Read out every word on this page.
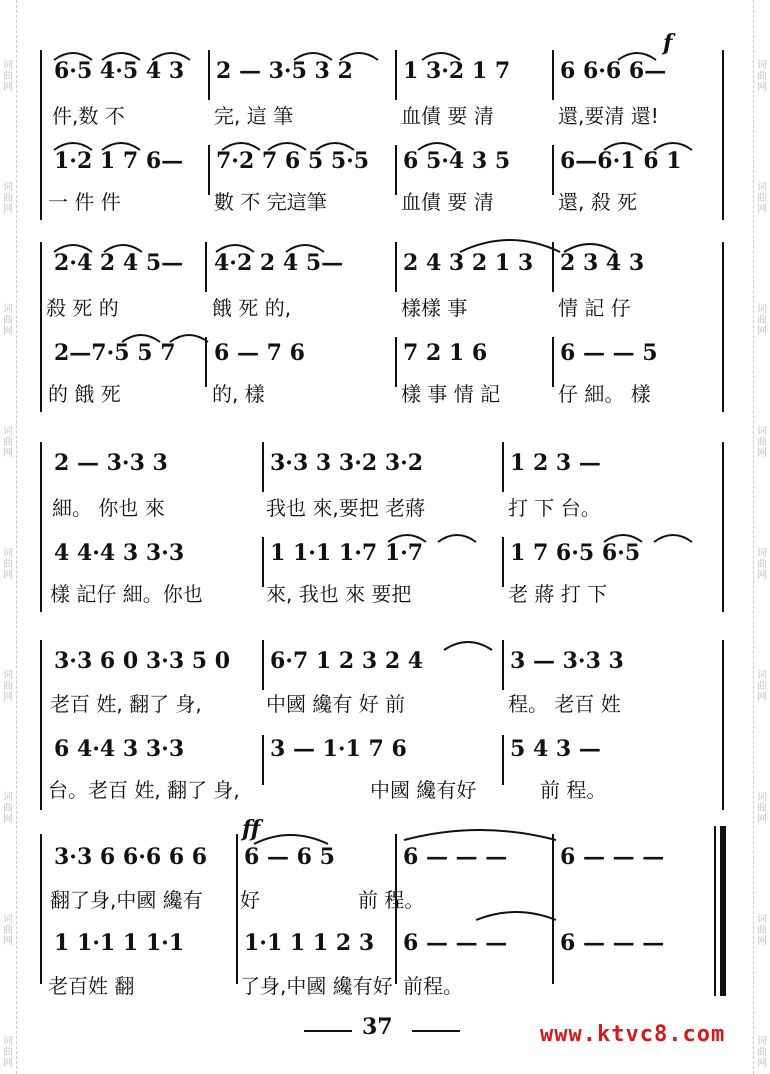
词
曲
网
词
曲
网
词
曲
网
词
曲
网
词
曲
网
词
曲
网
词
曲
网
词
曲
网
词
曲
网
词
曲
网
词
曲
网
词
曲
网
词
曲
网
词
曲
网
词
曲
网
词
曲
网
词
曲
网
词
曲
网
f
6·5 4·5 4 3 2 — 3·5 3 2 1 3·2 1 7 6 6·6 6—
件,数 不	完, 這 筆	血債 要 清	還,要清 還!
1·2 1 7 6— 7·2 7 6 5 5·5 6 5·4 3 5 6—6·1 6 1
一 件 件	數 不 完這筆	血債 要 清	還, 殺 死
2·4 2 4 5— 4·2 2 4 5—	2 4 3 2 1 3 2 3 4 3
殺 死 的	餓 死 的,	樣樣 事	情 記 仔
2—7·5 5 7 6 — 7 6	7 2 1 6	6 — — 5
的 餓 死	的, 樣	樣 事 情 記	仔 細。 樣
2 — 3·3 3	3·3 3 3·2 3·2	1 2 3 —
細。 你也 來	我也 來,要把 老蔣	打 下 台。
4 4·4 3 3·3	1 1·1 1·7 1·7	1 7 6·5 6·5
樣 記仔 細。你也	來, 我也 來 要把	老 蔣 打 下
3·3 6 0 3·3 5 0 6·7 1 2 3 2 4	3 — 3·3 3
老百 姓, 翻了 身,	中國 纔有 好 前	程。 老百 姓
6 4·4 3 3·3	3 — 1·1 7 6	5 4 3 —
台。老百 姓, 翻了 身,	中國 纔有好	前 程。
ff
3·3 6 6·6 6 6 6 — 6 5	6 — — — 6 — — —
翻了身,中國 纔有 好	前 程。
1 1·1 1 1·1	1·1 1 1 2 3 6 — — — 6 — — —
老百姓 翻	了身,中國 纔有好 前程。
37	www.ktvc8.com
